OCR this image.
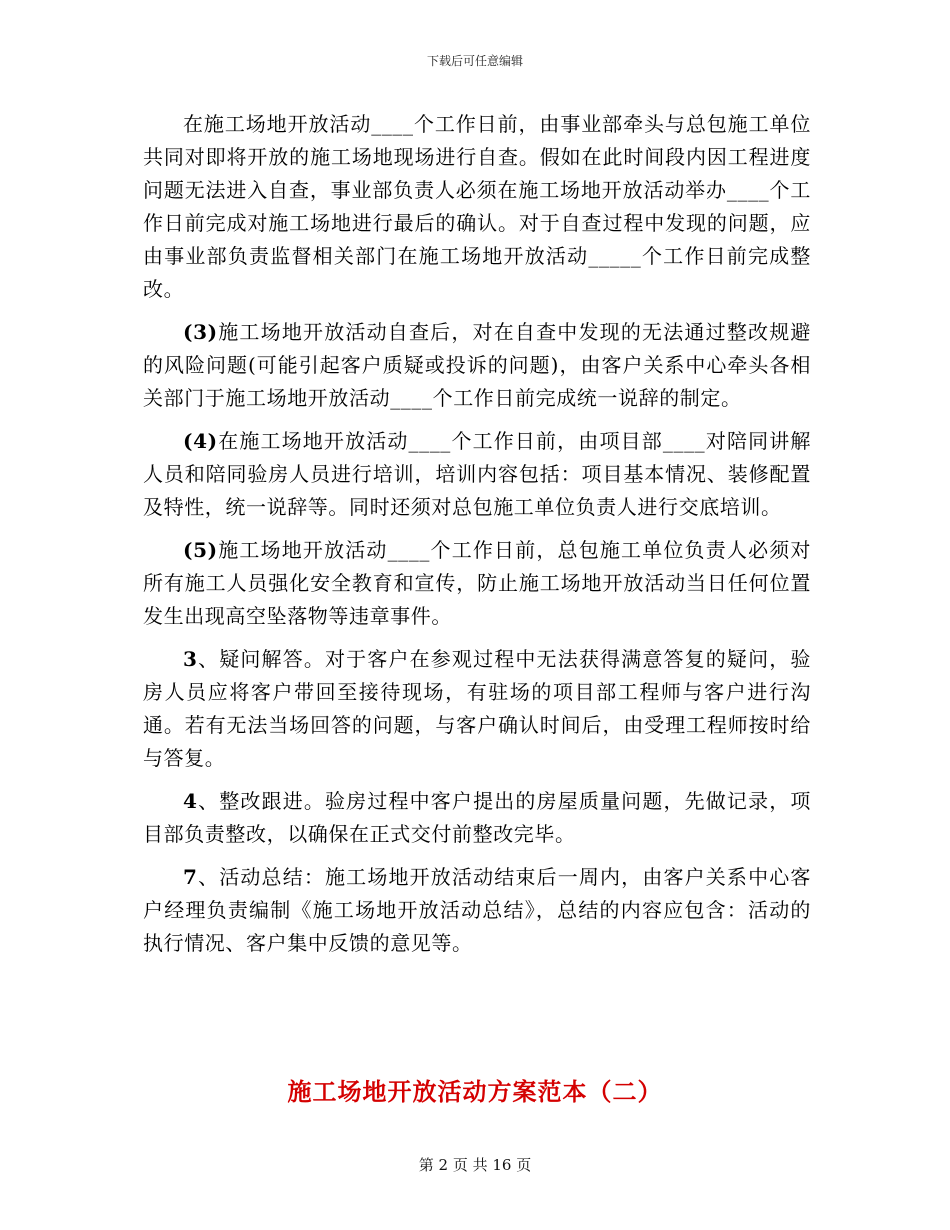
下载后可任意编辑

在施工场地开放活动____个工作日前，由事业部牵头与总包施工单位共同对即将开放的施工场地现场进行自查。假如在此时间段内因工程进度问题无法进入自查，事业部负责人必须在施工场地开放活动举办____个工作日前完成对施工场地进行最后的确认。对于自查过程中发现的问题，应由事业部负责监督相关部门在施工场地开放活动_____个工作日前完成整改。

(3)施工场地开放活动自查后，对在自查中发现的无法通过整改规避的风险问题(可能引起客户质疑或投诉的问题)，由客户关系中心牵头各相关部门于施工场地开放活动____个工作日前完成统一说辞的制定。

(4)在施工场地开放活动____个工作日前，由项目部____对陪同讲解人员和陪同验房人员进行培训，培训内容包括：项目基本情况、装修配置及特性，统一说辞等。同时还须对总包施工单位负责人进行交底培训。

(5)施工场地开放活动____个工作日前，总包施工单位负责人必须对所有施工人员强化安全教育和宣传，防止施工场地开放活动当日任何位置发生出现高空坠落物等违章事件。

3、疑问解答。对于客户在参观过程中无法获得满意答复的疑问，验房人员应将客户带回至接待现场，有驻场的项目部工程师与客户进行沟通。若有无法当场回答的问题，与客户确认时间后，由受理工程师按时给与答复。

4、整改跟进。验房过程中客户提出的房屋质量问题，先做记录，项目部负责整改，以确保在正式交付前整改完毕。

7、活动总结：施工场地开放活动结束后一周内，由客户关系中心客户经理负责编制《施工场地开放活动总结》，总结的内容应包含：活动的执行情况、客户集中反馈的意见等。

施工场地开放活动方案范本（二）
第 2 页 共 16 页
